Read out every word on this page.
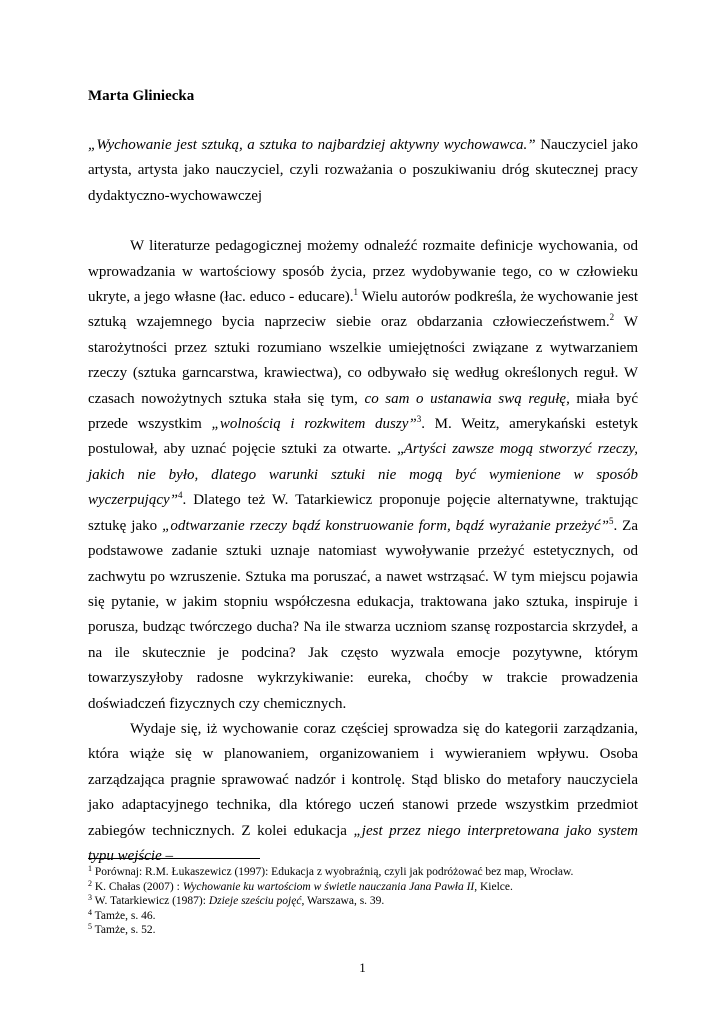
Marta Gliniecka

„Wychowanie jest sztuką, a sztuka to najbardziej aktywny wychowawca.” Nauczyciel jako artysta, artysta jako nauczyciel, czyli rozważania o poszukiwaniu dróg skutecznej pracy dydaktyczno-wychowawczej

W literaturze pedagogicznej możemy odnaleźć rozmaite definicje wychowania, od wprowadzania w wartościowy sposób życia, przez wydobywanie tego, co w człowieku ukryte, a jego własne (łac. educo - educare).$^1$ Wielu autorów podkreśla, że wychowanie jest sztuką wzajemnego bycia naprzeciw siebie oraz obdarzania człowieczeństwem.$^2$ W starożytności przez sztuki rozumiano wszelkie umiejętności związane z wytwarzaniem rzeczy (sztuka garncarstwa, krawiectwa), co odbywało się według określonych reguł. W czasach nowożytnych sztuka stała się tym, co sam o ustanawia swą regułę, miała być przede wszystkim „wolnością i rozkwitem duszy”$^3$. M. Weitz, amerykański estetyk postulował, aby uznać pojęcie sztuki za otwarte. „Artyści zawsze mogą stworzyć rzeczy, jakich nie było, dlatego warunki sztuki nie mogą być wymienione w sposób wyczerpujący”$^4$. Dlatego też W. Tatarkiewicz proponuje pojęcie alternatywne, traktując sztukę jako „odtwarzanie rzeczy bądź konstruowanie form, bądź wyrażanie przeżyć”$^5$. Za podstawowe zadanie sztuki uznaje natomiast wywoływanie przeżyć estetycznych, od zachwytu po wzruszenie. Sztuka ma poruszać, a nawet wstrząsać. W tym miejscu pojawia się pytanie, w jakim stopniu współczesna edukacja, traktowana jako sztuka, inspiruje i porusza, budząc twórczego ducha? Na ile stwarza uczniom szansę rozpostarcia skrzydeł, a na ile skutecznie je podcina? Jak często wyzwala emocje pozytywne, którym towarzyszyłoby radosne wykrzykiwanie: eureka, choćby w trakcie prowadzenia doświadczeń fizycznych czy chemicznych.

Wydaje się, iż wychowanie coraz częściej sprowadza się do kategorii zarządzania, która wiąże się w planowaniem, organizowaniem i wywieraniem wpływu. Osoba zarządzająca pragnie sprawować nadzór i kontrolę. Stąd blisko do metafory nauczyciela jako adaptacyjnego technika, dla którego uczeń stanowi przede wszystkim przedmiot zabiegów technicznych. Z kolei edukacja „jest przez niego interpretowana jako system typu wejście –

$^1$ Porównaj: R.M. Łukaszewicz (1997): Edukacja z wyobraźnią, czyli jak podróżować bez map, Wrocław.
$^2$ K. Chałas (2007) : Wychowanie ku wartościom w świetle nauczania Jana Pawła II, Kielce.
$^3$ W. Tatarkiewicz (1987): Dzieje sześciu pojęć, Warszawa, s. 39.
$^4$ Tamże, s. 46.
$^5$ Tamże, s. 52.
1
